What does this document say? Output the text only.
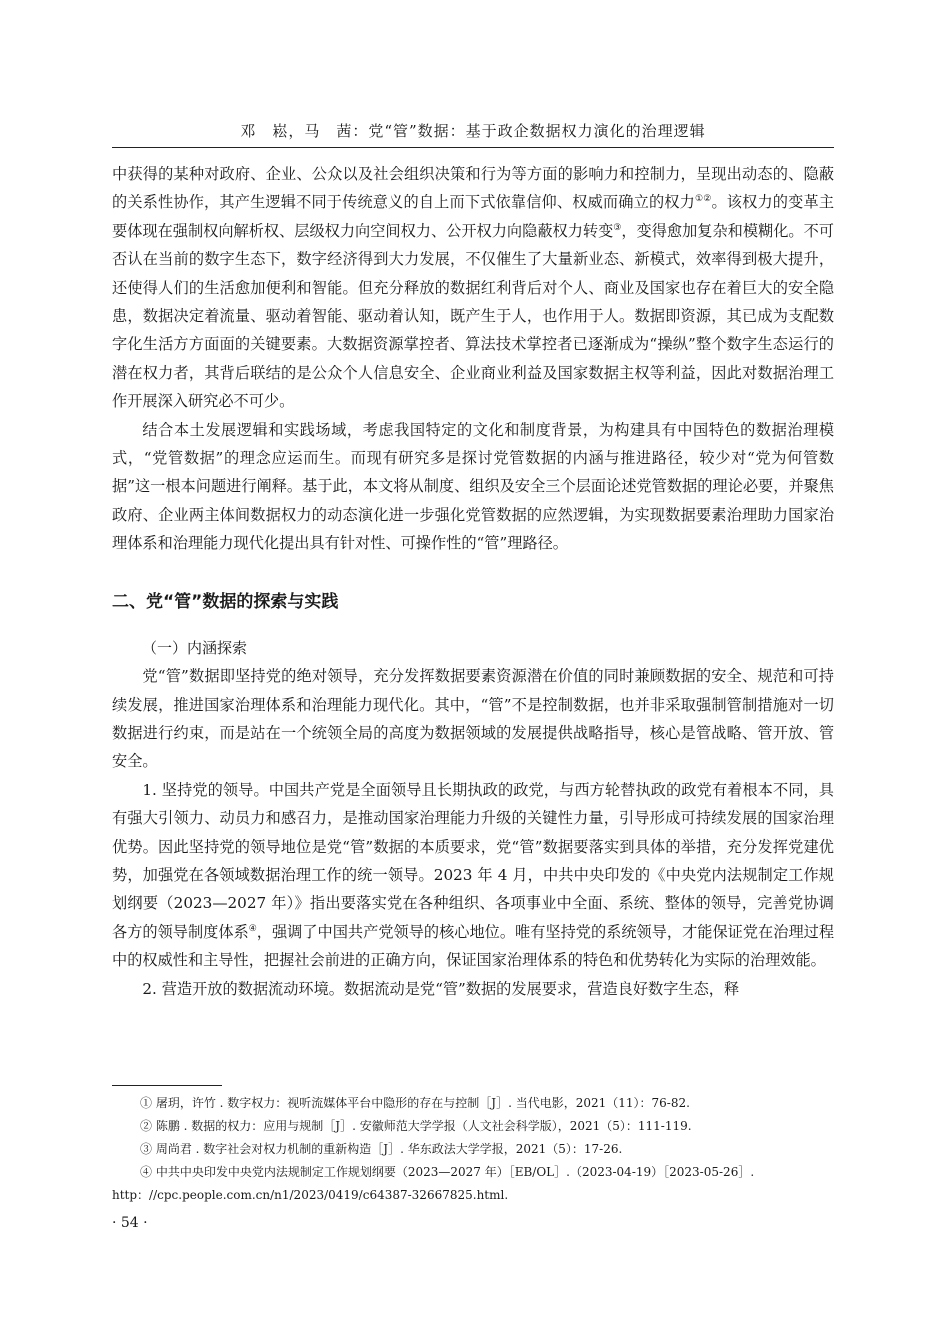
邓　崧，马　茜：党“管”数据：基于政企数据权力演化的治理逻辑

中获得的某种对政府、企业、公众以及社会组织决策和行为等方面的影响力和控制力，呈现出动态的、隐蔽的关系性协作，其产生逻辑不同于传统意义的自上而下式依靠信仰、权威而确立的权力①②。该权力的变革主要体现在强制权向解析权、层级权力向空间权力、公开权力向隐蔽权力转变③，变得愈加复杂和模糊化。不可否认在当前的数字生态下，数字经济得到大力发展，不仅催生了大量新业态、新模式，效率得到极大提升，还使得人们的生活愈加便利和智能。但充分释放的数据红利背后对个人、商业及国家也存在着巨大的安全隐患，数据决定着流量、驱动着智能、驱动着认知，既产生于人，也作用于人。数据即资源，其已成为支配数字化生活方方面面的关键要素。大数据资源掌控者、算法技术掌控者已逐渐成为“操纵”整个数字生态运行的潜在权力者，其背后联结的是公众个人信息安全、企业商业利益及国家数据主权等利益，因此对数据治理工作开展深入研究必不可少。

结合本土发展逻辑和实践场域，考虑我国特定的文化和制度背景，为构建具有中国特色的数据治理模式，“党管数据”的理念应运而生。而现有研究多是探讨党管数据的内涵与推进路径，较少对“党为何管数据”这一根本问题进行阐释。基于此，本文将从制度、组织及安全三个层面论述党管数据的理论必要，并聚焦政府、企业两主体间数据权力的动态演化进一步强化党管数据的应然逻辑，为实现数据要素治理助力国家治理体系和治理能力现代化提出具有针对性、可操作性的“管”理路径。

二、党“管”数据的探索与实践

（一）内涵探索

党“管”数据即坚持党的绝对领导，充分发挥数据要素资源潜在价值的同时兼顾数据的安全、规范和可持续发展，推进国家治理体系和治理能力现代化。其中，“管”不是控制数据，也并非采取强制管制措施对一切数据进行约束，而是站在一个统领全局的高度为数据领域的发展提供战略指导，核心是管战略、管开放、管安全。

1. 坚持党的领导。中国共产党是全面领导且长期执政的政党，与西方轮替执政的政党有着根本不同，具有强大引领力、动员力和感召力，是推动国家治理能力升级的关键性力量，引导形成可持续发展的国家治理优势。因此坚持党的领导地位是党“管”数据的本质要求，党“管”数据要落实到具体的举措，充分发挥党建优势，加强党在各领域数据治理工作的统一领导。2023 年 4 月，中共中央印发的《中央党内法规制定工作规划纲要（2023—2027 年）》指出要落实党在各种组织、各项事业中全面、系统、整体的领导，完善党协调各方的领导制度体系④，强调了中国共产党领导的核心地位。唯有坚持党的系统领导，才能保证党在治理过程中的权威性和主导性，把握社会前进的正确方向，保证国家治理体系的特色和优势转化为实际的治理效能。

2. 营造开放的数据流动环境。数据流动是党“管”数据的发展要求，营造良好数字生态，释

① 屠玥，许竹 . 数字权力：视听流媒体平台中隐形的存在与控制［J］. 当代电影，2021（11）：76-82.

② 陈鹏 . 数据的权力：应用与规制［J］. 安徽师范大学学报（人文社会科学版），2021（5）：111-119.

③ 周尚君 . 数字社会对权力机制的重新构造［J］. 华东政法大学学报，2021（5）：17-26.

④ 中共中央印发中央党内法规制定工作规划纲要（2023—2027 年）［EB/OL］.（2023-04-19）［2023-05-26］.

http：//cpc.people.com.cn/n1/2023/0419/c64387-32667825.html.

· 54 ·
